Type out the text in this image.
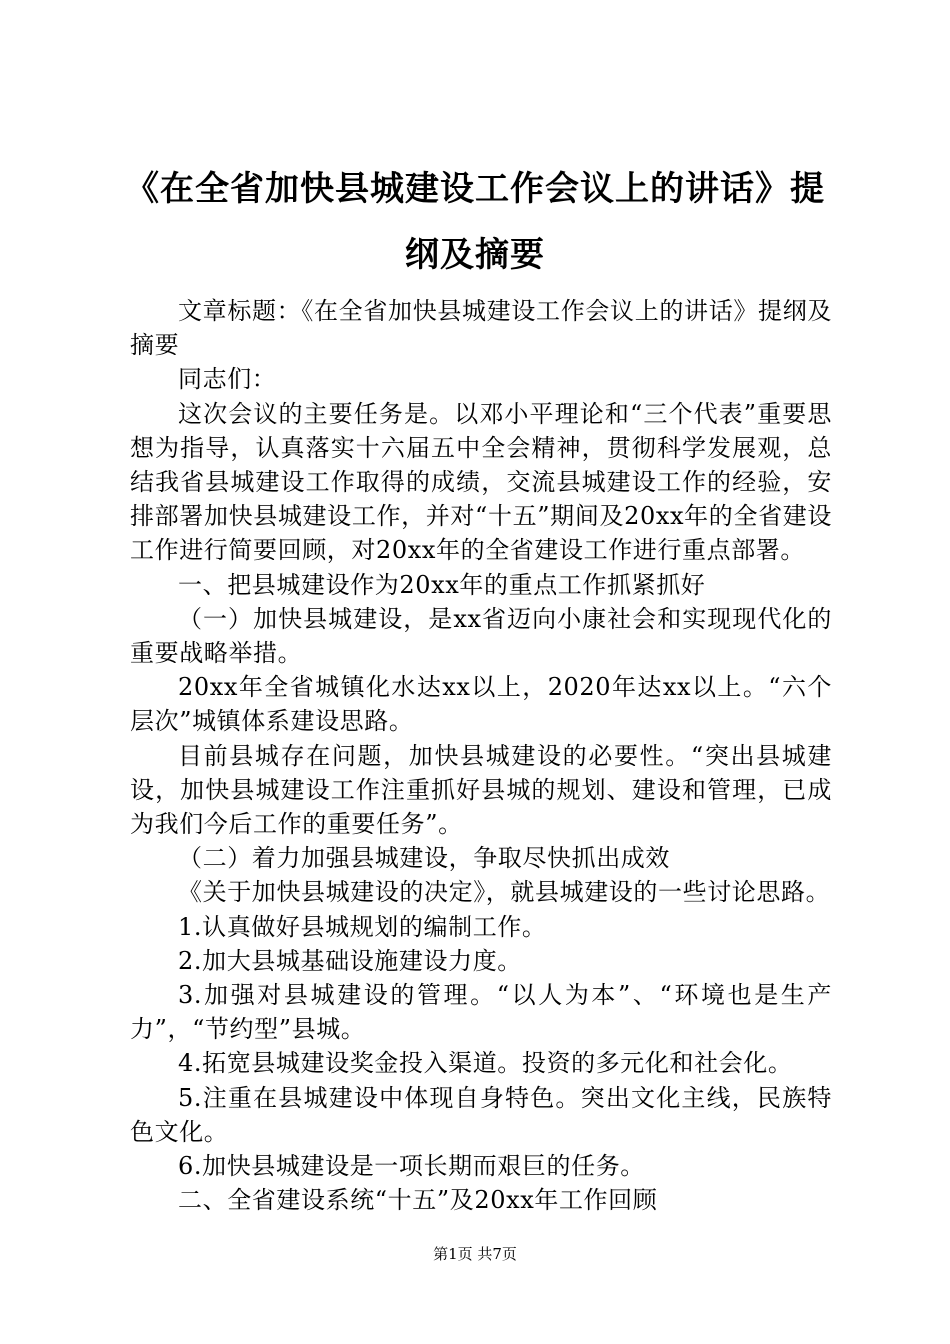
《在全省加快县城建设工作会议上的讲话》提纲及摘要

文章标题：《在全省加快县城建设工作会议上的讲话》提纲及摘要

同志们：

这次会议的主要任务是。以邓小平理论和“三个代表”重要思想为指导，认真落实十六届五中全会精神，贯彻科学发展观，总结我省县城建设工作取得的成绩，交流县城建设工作的经验，安排部署加快县城建设工作，并对“十五”期间及20xx年的全省建设工作进行简要回顾，对20xx年的全省建设工作进行重点部署。

一、把县城建设作为20xx年的重点工作抓紧抓好

（一）加快县城建设，是xx省迈向小康社会和实现现代化的重要战略举措。

20xx年全省城镇化水达xx以上，2020年达xx以上。“六个层次”城镇体系建设思路。

目前县城存在问题，加快县城建设的必要性。“突出县城建设，加快县城建设工作注重抓好县城的规划、建设和管理，已成为我们今后工作的重要任务”。

（二）着力加强县城建设，争取尽快抓出成效

《关于加快县城建设的决定》，就县城建设的一些讨论思路。

1.认真做好县城规划的编制工作。

2.加大县城基础设施建设力度。

3.加强对县城建设的管理。“以人为本”、“环境也是生产力”，“节约型”县城。

4.拓宽县城建设奖金投入渠道。投资的多元化和社会化。

5.注重在县城建设中体现自身特色。突出文化主线，民族特色文化。

6.加快县城建设是一项长期而艰巨的任务。

二、全省建设系统“十五”及20xx年工作回顾

第1页 共7页
